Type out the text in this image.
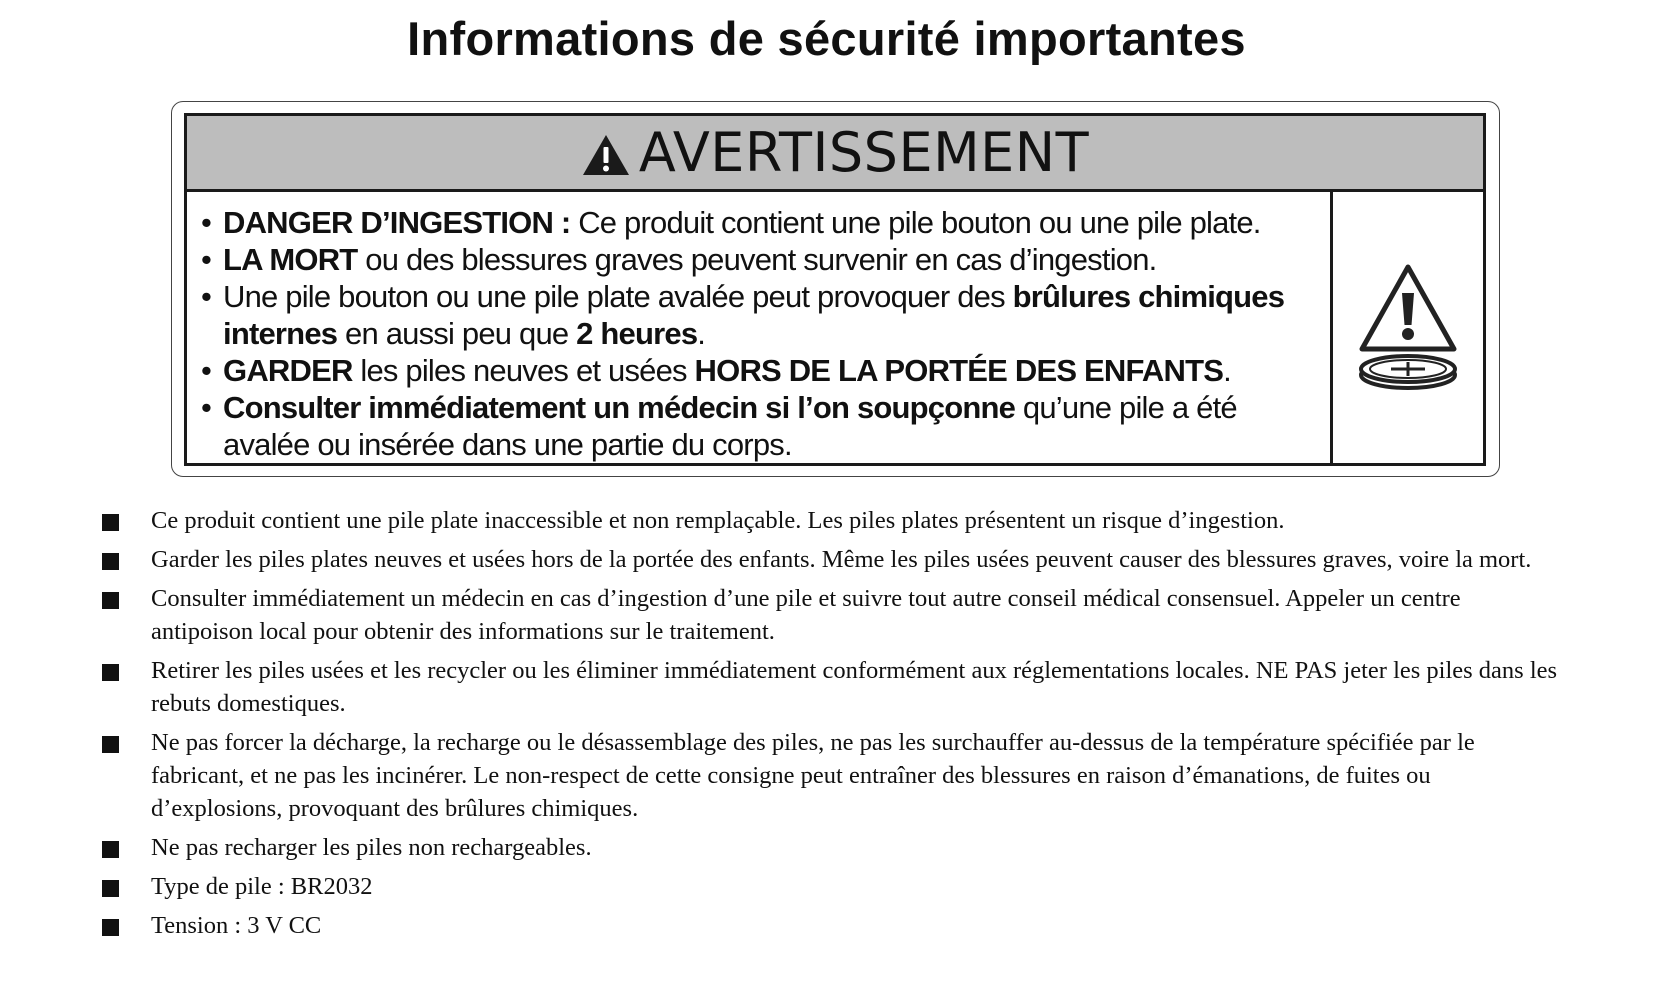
Informations de sécurité importantes
AVERTISSEMENT
• DANGER D’INGESTION : Ce produit contient une pile bouton ou une pile plate.
• LA MORT ou des blessures graves peuvent survenir en cas d’ingestion.
• Une pile bouton ou une pile plate avalée peut provoquer des brûlures chimiques internes en aussi peu que 2 heures.
• GARDER les piles neuves et usées HORS DE LA PORTÉE DES ENFANTS.
• Consulter immédiatement un médecin si l’on soupçonne qu’une pile a été avalée ou insérée dans une partie du corps.
Ce produit contient une pile plate inaccessible et non remplaçable. Les piles plates présentent un risque d’ingestion.
Garder les piles plates neuves et usées hors de la portée des enfants. Même les piles usées peuvent causer des blessures graves, voire la mort.
Consulter immédiatement un médecin en cas d’ingestion d’une pile et suivre tout autre conseil médical consensuel. Appeler un centre antipoison local pour obtenir des informations sur le traitement.
Retirer les piles usées et les recycler ou les éliminer immédiatement conformément aux réglementations locales. NE PAS jeter les piles dans les rebuts domestiques.
Ne pas forcer la décharge, la recharge ou le désassemblage des piles, ne pas les surchauffer au-dessus de la température spécifiée par le fabricant, et ne pas les incinérer. Le non-respect de cette consigne peut entraîner des blessures en raison d’émanations, de fuites ou d’explosions, provoquant des brûlures chimiques.
Ne pas recharger les piles non rechargeables.
Type de pile : BR2032
Tension : 3 V CC
